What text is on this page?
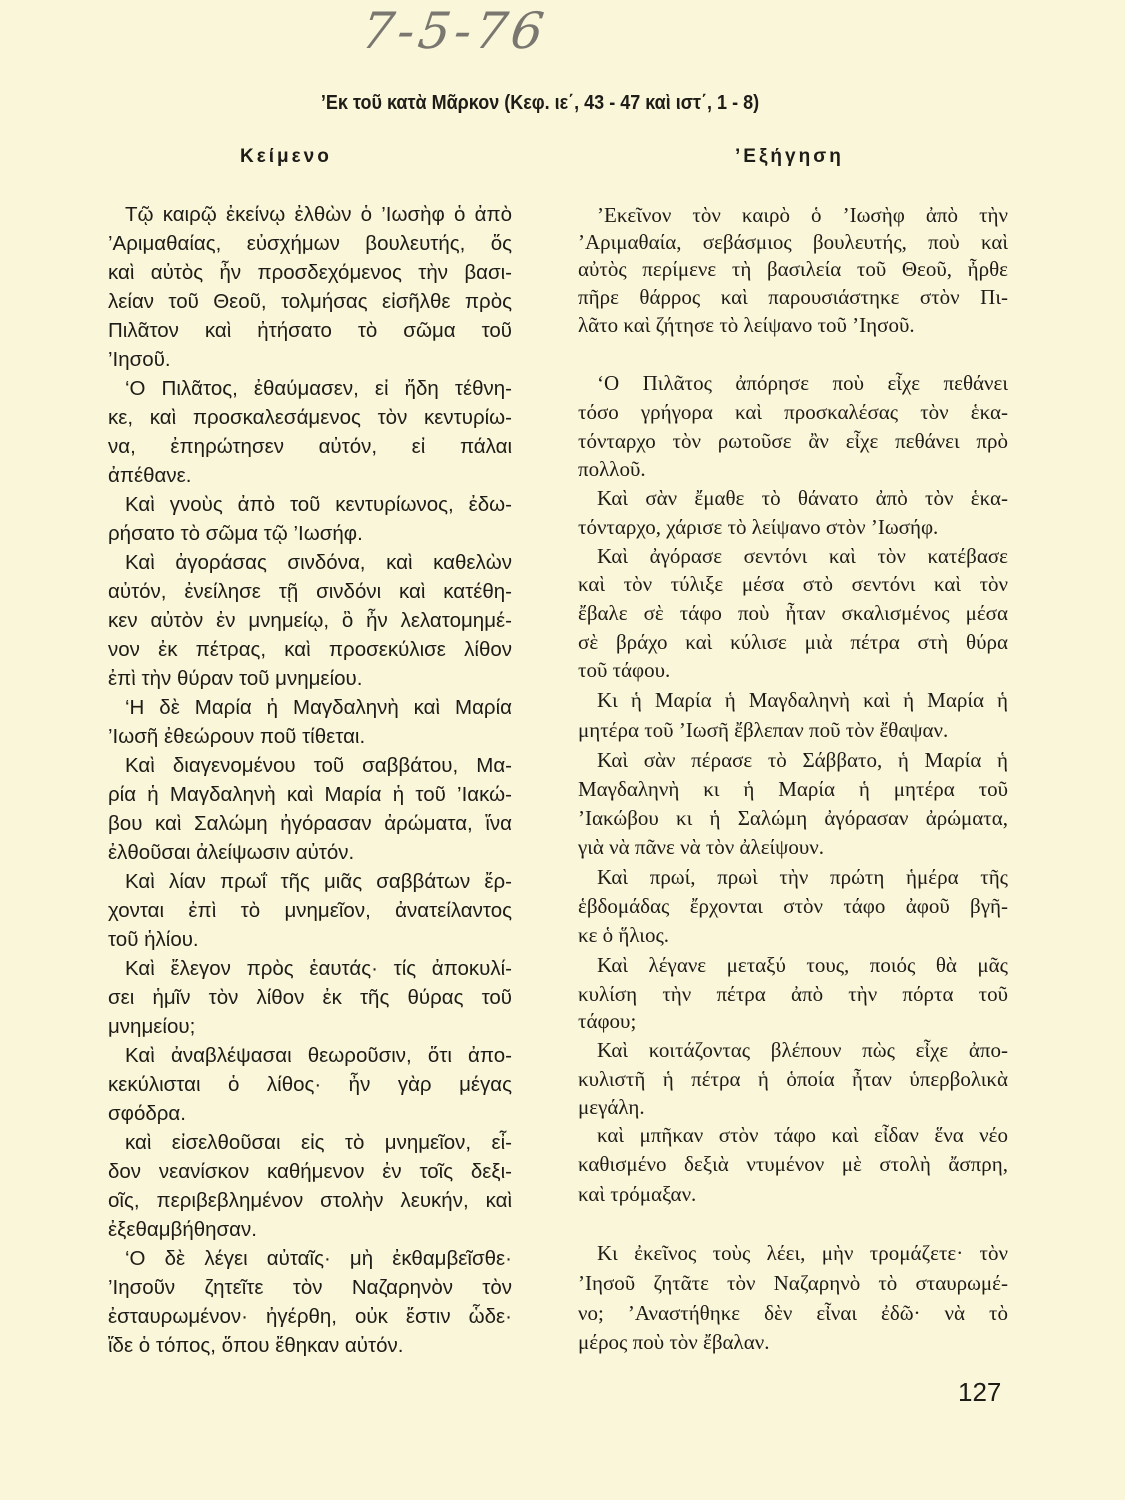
7-5-76
’Εκ τοῦ κατὰ Μᾶρκον (Κεφ. ιε΄, 43 - 47 καὶ ιστ΄, 1 - 8)
Κείμενο	’Εξήγηση
Τῷ καιρῷ ἐκείνῳ ἐλθὼν ὁ ’Ιωσὴφ ὁ ἀπὸ
’Αριμαθαίας, εὐσχήμων βουλευτής, ὅς
καὶ αὐτὸς ἦν προσδεχόμενος τὴν βασι-
λείαν τοῦ Θεοῦ, τολμήσας εἰσῆλθε πρὸς
Πιλᾶτον καὶ ἠτήσατο τὸ σῶμα τοῦ
’Ιησοῦ.
‘Ο Πιλᾶτος, ἐθαύμασεν, εἰ ἤδη τέθνη-
κε, καὶ προσκαλεσάμενος τὸν κεντυρίω-
να, ἐπηρώτησεν αὐτόν, εἰ πάλαι
ἀπέθανε.
Καὶ γνοὺς ἀπὸ τοῦ κεντυρίωνος, ἐδω-
ρήσατο τὸ σῶμα τῷ ’Ιωσήφ.
Καὶ ἀγοράσας σινδόνα, καὶ καθελὼν
αὐτόν, ἐνείλησε τῇ σινδόνι καὶ κατέθη-
κεν αὐτὸν ἐν μνημείῳ, ὃ ἦν λελατομημέ-
νον ἐκ πέτρας, καὶ προσεκύλισε λίθον
ἐπὶ τὴν θύραν τοῦ μνημείου.
‘Η δὲ Μαρία ἡ Μαγδαληνὴ καὶ Μαρία
’Ιωσῆ ἐθεώρουν ποῦ τίθεται.
Καὶ διαγενομένου τοῦ σαββάτου, Μα-
ρία ἡ Μαγδαληνὴ καὶ Μαρία ἡ τοῦ ’Ιακώ-
βου καὶ Σαλώμη ἠγόρασαν ἀρώματα, ἵνα
ἐλθοῦσαι ἀλείψωσιν αὐτόν.
Καὶ λίαν πρωΐ τῆς μιᾶς σαββάτων ἔρ-
χονται ἐπὶ τὸ μνημεῖον, ἀνατείλαντος
τοῦ ἡλίου.
Καὶ ἔλεγον πρὸς ἑαυτάς· τίς ἀποκυλί-
σει ἡμῖν τὸν λίθον ἐκ τῆς θύρας τοῦ
μνημείου;
Καὶ ἀναβλέψασαι θεωροῦσιν, ὅτι ἀπο-
κεκύλισται ὁ λίθος· ἦν γὰρ μέγας
σφόδρα.
καὶ εἰσελθοῦσαι εἰς τὸ μνημεῖον, εἶ-
δον νεανίσκον καθήμενον ἐν τοῖς δεξι-
οῖς, περιβεβλημένον στολὴν λευκήν, καὶ
ἐξεθαμβήθησαν.
‘Ο δὲ λέγει αὐταῖς· μὴ ἐκθαμβεῖσθε·
’Ιησοῦν ζητεῖτε τὸν Ναζαρηνὸν τὸν
ἐσταυρωμένον· ἠγέρθη, οὐκ ἔστιν ὧδε·
ἴδε ὁ τόπος, ὅπου ἔθηκαν αὐτόν.
’Εκεῖνον τὸν καιρὸ ὁ ’Ιωσὴφ ἀπὸ τὴν
’Αριμαθαία, σεβάσμιος βουλευτής, ποὺ καὶ
αὐτὸς περίμενε τὴ βασιλεία τοῦ Θεοῦ, ἦρθε
πῆρε θάρρος καὶ παρουσιάστηκε στὸν Πι-
λᾶτο καὶ ζήτησε τὸ λείψανο τοῦ ’Ιησοῦ.
‘Ο Πιλᾶτος ἀπόρησε ποὺ εἶχε πεθάνει
τόσο γρήγορα καὶ προσκαλέσας τὸν ἑκα-
τόνταρχο τὸν ρωτοῦσε ἂν εἶχε πεθάνει πρὸ
πολλοῦ.
Καὶ σὰν ἔμαθε τὸ θάνατο ἀπὸ τὸν ἑκα-
τόνταρχο, χάρισε τὸ λείψανο στὸν ’Ιωσήφ.
Καὶ ἀγόρασε σεντόνι καὶ τὸν κατέβασε
καὶ τὸν τύλιξε μέσα στὸ σεντόνι καὶ τὸν
ἔβαλε σὲ τάφο ποὺ ἦταν σκαλισμένος μέσα
σὲ βράχο καὶ κύλισε μιὰ πέτρα στὴ θύρα
τοῦ τάφου.
Κι ἡ Μαρία ἡ Μαγδαληνὴ καὶ ἡ Μαρία ἡ
μητέρα τοῦ ’Ιωσῆ ἔβλεπαν ποῦ τὸν ἔθαψαν.
Καὶ σὰν πέρασε τὸ Σάββατο, ἡ Μαρία ἡ
Μαγδαληνὴ κι ἡ Μαρία ἡ μητέρα τοῦ
’Ιακώβου κι ἡ Σαλώμη ἀγόρασαν ἀρώματα,
γιὰ νὰ πᾶνε νὰ τὸν ἀλείψουν.
Καὶ πρωί, πρωὶ τὴν πρώτη ἡμέρα τῆς
ἑβδομάδας ἔρχονται στὸν τάφο ἀφοῦ βγῆ-
κε ὁ ἥλιος.
Καὶ λέγανε μεταξύ τους, ποιός θὰ μᾶς
κυλίση τὴν πέτρα ἀπὸ τὴν πόρτα τοῦ
τάφου;
Καὶ κοιτάζοντας βλέπουν πὼς εἶχε ἀπο-
κυλιστῆ ἡ πέτρα ἡ ὁποία ἦταν ὑπερβολικὰ
μεγάλη.
καὶ μπῆκαν στὸν τάφο καὶ εἶδαν ἕνα νέο
καθισμένο δεξιὰ ντυμένον μὲ στολὴ ἄσπρη,
καὶ τρόμαξαν.
Κι ἐκεῖνος τοὺς λέει, μὴν τρομάζετε· τὸν
’Ιησοῦ ζητᾶτε τὸν Ναζαρηνὸ τὸ σταυρωμέ-
νο; ’Αναστήθηκε δὲν εἶναι ἐδῶ· νὰ τὸ
μέρος ποὺ τὸν ἔβαλαν.
127
